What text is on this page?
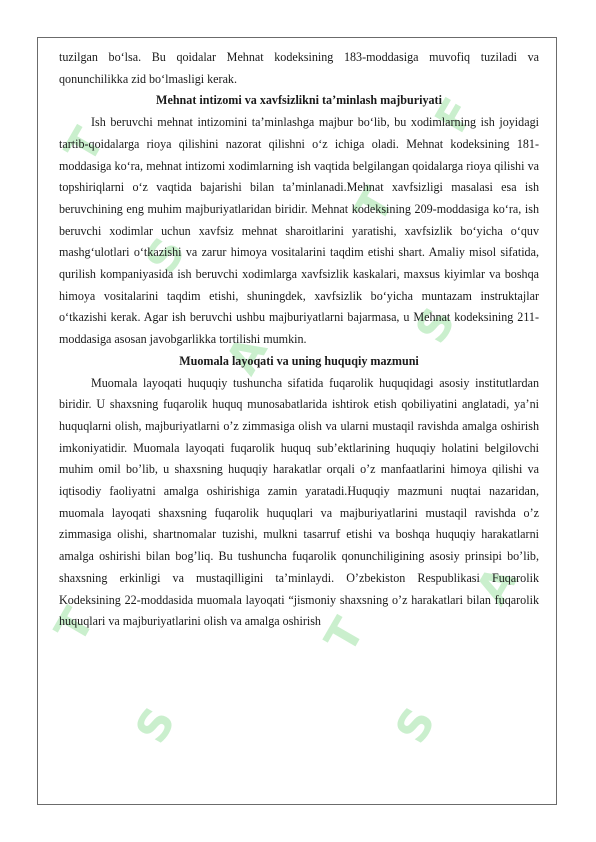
T
S
A
T
F
S
T
S
T
S
A

tuzilgan bo‘lsa. Bu qoidalar Mehnat kodeksining 183-moddasiga muvofiq tuziladi va qonunchilikka zid bo‘lmasligi kerak.

Mehnat intizomi va xavfsizlikni ta’minlash majburiyati

Ish beruvchi mehnat intizomini ta’minlashga majbur bo‘lib, bu xodimlarning ish joyidagi tartib-qoidalarga rioya qilishini nazorat qilishni o‘z ichiga oladi. Mehnat kodeksining 181-moddasiga ko‘ra, mehnat intizomi xodimlarning ish vaqtida belgilangan qoidalarga rioya qilishi va topshiriqlarni o‘z vaqtida bajarishi bilan ta’minlanadi.Mehnat xavfsizligi masalasi esa ish beruvchining eng muhim majburiyatlaridan biridir. Mehnat kodeksining 209-moddasiga ko‘ra, ish beruvchi xodimlar uchun xavfsiz mehnat sharoitlarini yaratishi, xavfsizlik bo‘yicha o‘quv mashg‘ulotlari o‘tkazishi va zarur himoya vositalarini taqdim etishi shart. Amaliy misol sifatida, qurilish kompaniyasida ish beruvchi xodimlarga xavfsizlik kaskalari, maxsus kiyimlar va boshqa himoya vositalarini taqdim etishi, shuningdek, xavfsizlik bo‘yicha muntazam instruktajlar o‘tkazishi kerak. Agar ish beruvchi ushbu majburiyatlarni bajarmasa, u Mehnat kodeksining 211-moddasiga asosan javobgarlikka tortilishi mumkin.

Muomala layoqati va uning huquqiy mazmuni

Muomala layoqati huquqiy tushuncha sifatida fuqarolik huquqidagi asosiy institutlardan biridir. U shaxsning fuqarolik huquq munosabatlarida ishtirok etish qobiliyatini anglatadi, ya’ni huquqlarni olish, majburiyatlarni o’z zimmasiga olish va ularni mustaqil ravishda amalga oshirish imkoniyatidir. Muomala layoqati fuqarolik huquq sub’ektlarining huquqiy holatini belgilovchi muhim omil bo’lib, u shaxsning huquqiy harakatlar orqali o’z manfaatlarini himoya qilishi va iqtisodiy faoliyatni amalga oshirishiga zamin yaratadi.Huquqiy mazmuni nuqtai nazaridan, muomala layoqati shaxsning fuqarolik huquqlari va majburiyatlarini mustaqil ravishda o’z zimmasiga olishi, shartnomalar tuzishi, mulkni tasarruf etishi va boshqa huquqiy harakatlarni amalga oshirishi bilan bog’liq. Bu tushuncha fuqarolik qonunchiligining asosiy prinsipi bo’lib, shaxsning erkinligi va mustaqilligini ta’minlaydi. O’zbekiston Respublikasi Fuqarolik Kodeksining 22-moddasida muomala layoqati “jismoniy shaxsning o’z harakatlari bilan fuqarolik huquqlari va majburiyatlarini olish va amalga oshirish
